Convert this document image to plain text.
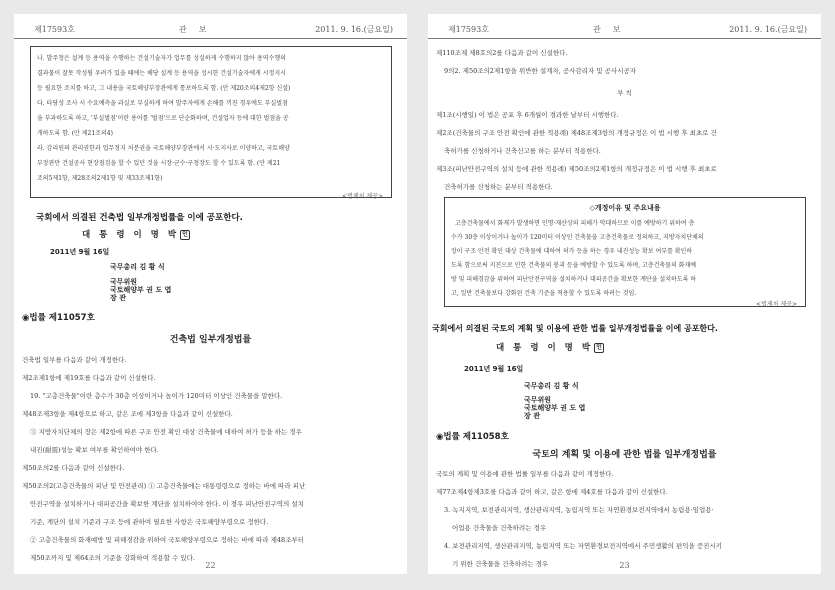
제17593호	관보	2011. 9. 16.(금요일)
나. 발주청은 설계 등 용역을 수행하는 건설기술자가 업무를 성실하게 수행하지 않아 용역수행의
결과물이 잘못 작성될 우려가 있을 때에는 해당 설계 등 용역을 성시한 건설기술자에게 시정지시
등 필요한 조치를 하고, 그 내용을 국토해양부장관에게 통보하도록 함. (안 제20조의4제2항 신설)
다. 타당성 조사 시 수요예측을 과실로 부실하게 하여 발주자에게 손해를 끼친 경우에도 부실벌점
을 부과하도록 하고, '부실벌점'이란 용어를 '벌점'으로 단순화하며, 건설업자 등에 대한 벌점을 공
개하도록 함. (안 제21조의4)
라. 감리원의 관리권한과 업무정지 처분권을 국토해양부장관에서 시·도지사로 이양하고, 국토해양
부장관만 건설공사 현장점검을 할 수 있던 것을 시장·군수·구청장도 할 수 있도록 함. (안 제21
조의5제1항, 제28조의2제1항 및 제33조제1항)
<법제처 제공>
국회에서 의결된 건축법 일부개정법률을 이에 공포한다.
대 통 령 이 명 박 인
2011년 9월 16일
국무총리 김 황 식
국무위원
국토해양부 권 도 엽
장 관
◉법률 제11057호
건축법 일부개정법률
건축법 일부를 다음과 같이 개정한다.
제2조제1항에 제19호를 다음과 같이 신설한다.
19. "고층건축물"이란 층수가 30층 이상이거나 높이가 120미터 이상인 건축물을 말한다.
제48조제3항을 제4항으로 하고, 같은 조에 제3항을 다음과 같이 신설한다.
③ 지방자치단체의 장은 제2항에 따른 구조 안전 확인 대상 건축물에 대하여 허가 등을 하는 경우
내진(耐震)성능 확보 여부를 확인하여야 한다.
제50조의2를 다음과 같이 신설한다.
제50조의2(고층건축물의 피난 및 안전관리) ① 고층건축물에는 대통령령으로 정하는 바에 따라 피난
안전구역을 설치하거나 대피공간을 확보한 계단을 설치하여야 한다. 이 경우 피난안전구역의 설치
기준, 계단의 설치 기준과 구조 등에 관하여 필요한 사항은 국토해양부령으로 정한다.
② 고층건축물의 화재예방 및 피해경감을 위하여 국토해양부령으로 정하는 바에 따라 제48조부터
제50조까지 및 제64조의 기준을 강화하여 적용할 수 있다.
22
제17593호	관보	2011. 9. 16.(금요일)
제110조제 제8호의2를 다음과 같이 신설한다.
9의2. 제50조의2제1항을 위반한 설계자, 공사감리자 및 공사시공자
부 칙
제1조(시행일) 이 법은 공포 후 6개월이 경과한 날부터 시행한다.
제2조(건축물의 구조 안전 확인에 관한 적용례) 제48조제3항의 개정규정은 이 법 시행 후 최초로 건
축허가를 신청하거나 건축신고를 하는 분부터 적용한다.
제3조(피난안전구역의 설치 등에 관한 적용례) 제50조의2제1항의 개정규정은 이 법 시행 후 최초로
건축허가를 신청하는 분부터 적용한다.
◇개정이유 및 주요내용
고층건축물에서 화재가 발생하면 인명·재산상의 피해가 막대하므로 이를 예방하기 위하여 층
수가 30층 이상이거나 높이가 120미터 이상인 건축물을 고층건축물로 정의하고, 지방자치단체의
장이 구조 안전 확인 대상 건축물에 대하여 허가 등을 하는 경우 내진성능 확보 여부를 확인하
도록 함으로써 지진으로 인한 건축물의 붕괴 등을 예방할 수 있도록 하며, 고층건축물의 화재예
방 및 피해경감을 위하여 피난안전구역을 설치하거나 대피공간을 확보한 계단을 설치하도록 하
고, 일반 건축물보다 강화된 건축 기준을 적용할 수 있도록 하려는 것임.
<법제처 제공>
국회에서 의결된 국토의 계획 및 이용에 관한 법률 일부개정법률을 이에 공포한다.
대 통 령 이 명 박 인
2011년 9월 16일
국무총리 김 황 식
국무위원
국토해양부 권 도 엽
장 관
◉법률 제11058호
국토의 계획 및 이용에 관한 법률 일부개정법률
국토의 계획 및 이용에 관한 법률 일부를 다음과 같이 개정한다.
제77조제4항제3호를 다음과 같이 하고, 같은 항에 제4호를 다음과 같이 신설한다.
3. 녹지지역, 보전관리지역, 생산관리지역, 농림지역 또는 자연환경보전지역에서 농림용·임업용·
어업용 건축물을 건축하려는 경우
4. 보전관리지역, 생산관리지역, 농림지역 또는 자연환경보전지역에서 주민생활의 편익을 증진시키
기 위한 건축물을 건축하려는 경우	23
